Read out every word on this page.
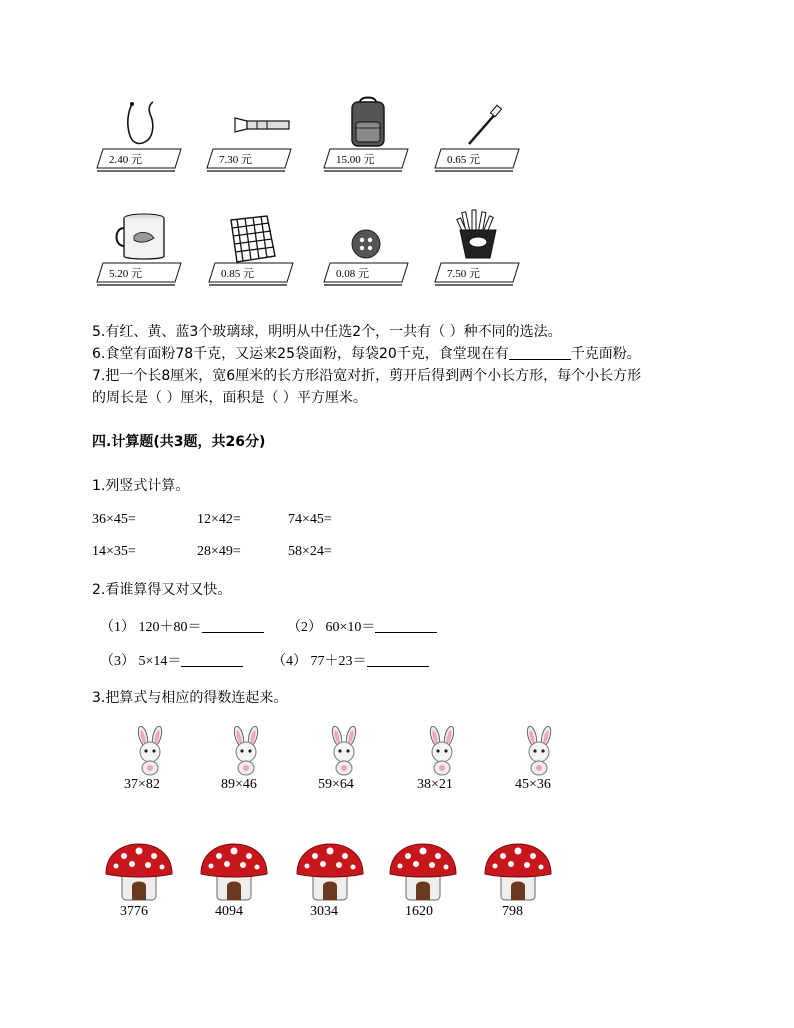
2.40 元	7.30 元	15.00 元	0.65 元
5.20 元	0.85 元	0.08 元	7.50 元
5.有红、黄、蓝3个玻璃球，明明从中任选2个，一共有（ ）种不同的选法。
6.食堂有面粉78千克，又运来25袋面粉，每袋20千克，食堂现在有	千克面粉。
7.把一个长8厘米，宽6厘米的长方形沿宽对折，剪开后得到两个小长方形，每个小长方形
的周长是（ ）厘米，面积是（ ）平方厘米。
四.计算题(共3题，共26分)
1.列竖式计算。
36×45=	12×42=	74×45=
14×35=	28×49=	58×24=
2.看谁算得又对又快。
（1） 120＋80＝	（2） 60×10＝
（3） 5×14＝	（4） 77＋23＝
3.把算式与相应的得数连起来。
37×82	89×46	59×64	38×21	45×36
3776	4094	3034	1620	798
